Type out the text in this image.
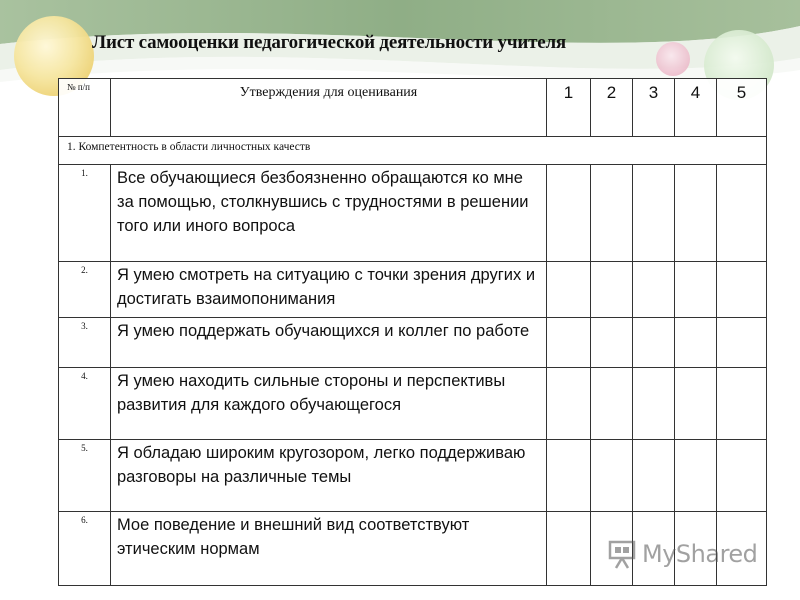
Лист самооценки педагогической деятельности учителя
№ п/п	Утверждения для оценивания	1	2	3	4	5
1. Компетентность в области личностных качеств						
1.	Все обучающиеся безбоязненно обращаются ко мне за помощью, столкнувшись с трудностями в решении того или иного вопроса					
2.	Я умею смотреть на ситуацию с точки зрения других и достигать взаимопонимания					
3.	Я умею поддержать обучающихся и коллег по работе					
4.	Я умею находить сильные стороны и перспективы развития для каждого обучающегося					
5.	Я обладаю широким кругозором, легко поддерживаю разговоры на различные темы					
6.	Мое поведение и внешний вид соответствуют этическим нормам						MyShared
